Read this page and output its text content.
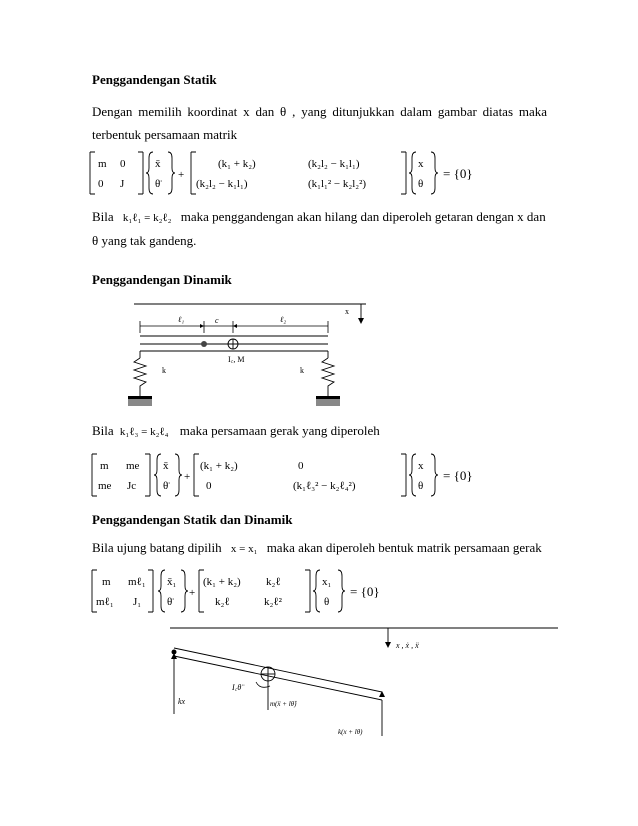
Penggandengan Statik
Dengan memilih koordinat x dan θ , yang ditunjukkan dalam gambar diatas maka
terbentuk persamaan matrik
m 0
0 J
x̄
θ̈
+
(k₁ + k₂)	(k₂l₂ − k₁l₁)
(k₂l₂ − k₁l₁)	(k₁l₁² − k₂l₂²)
x
θ
= {0}
Bila k₁ℓ₁ = k₂ℓ₂ maka penggandengan akan hilang dan diperoleh getaran dengan x dan
θ yang tak gandeng.
Penggandengan Dinamik
x
ℓ₁	c	ℓ₂
I꜀, M
k	k
Bila k₁ℓ₃ = k₂ℓ₄ maka persamaan gerak yang diperoleh
m me
me Jc
x̄
θ̈
+
(k₁ + k₂)	0
0	(k₁ℓ₃² − k₂ℓ₄²)
x
θ
= {0}
Penggandengan Statik dan Dinamik
Bila ujung batang dipilih x = x₁ maka akan diperoleh bentuk matrik persamaan gerak
m mℓ₁
mℓ₁ J₁
x̄₁
θ̈
+
(k₁ + k₂) k₂ℓ
k₂ℓ	k₂ℓ²
x₁
θ
= {0}
x , ẋ , ẍ
I꜀θ̈
kx	m(ẍ + lθ̈)
k(x + lθ)
